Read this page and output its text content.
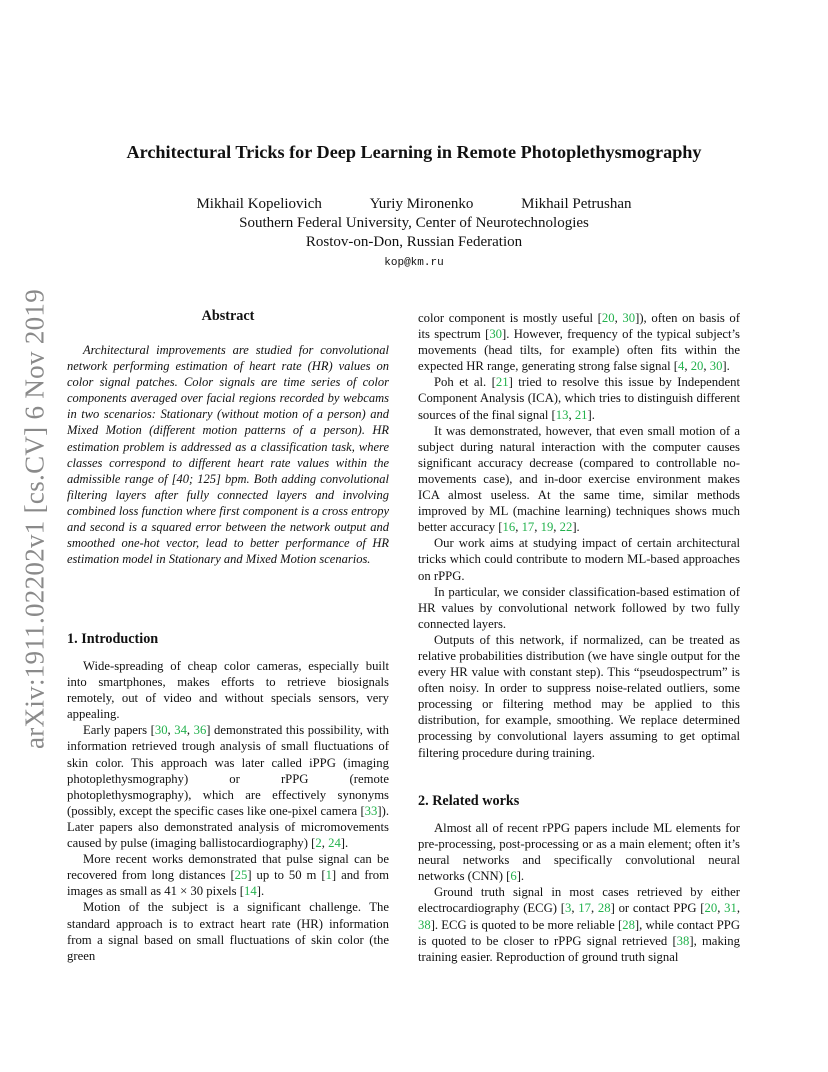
arXiv:1911.02202v1 [cs.CV] 6 Nov 2019
Architectural Tricks for Deep Learning in Remote Photoplethysmography
Mikhail Kopeliovich	Yuriy Mironenko	Mikhail Petrushan
Southern Federal University, Center of Neurotechnologies
Rostov-on-Don, Russian Federation
kop@km.ru
Abstract

Architectural improvements are studied for convolutional network performing estimation of heart rate (HR) values on color signal patches. Color signals are time series of color components averaged over facial regions recorded by webcams in two scenarios: Stationary (without motion of a person) and Mixed Motion (different motion patterns of a person). HR estimation problem is addressed as a classification task, where classes correspond to different heart rate values within the admissible range of [40; 125] bpm. Both adding convolutional filtering layers after fully connected layers and involving combined loss function where first component is a cross entropy and second is a squared error between the network output and smoothed one-hot vector, lead to better performance of HR estimation model in Stationary and Mixed Motion scenarios.

1. Introduction

Wide-spreading of cheap color cameras, especially built into smartphones, makes efforts to retrieve biosignals remotely, out of video and without specials sensors, very appealing.

Early papers [30, 34, 36] demonstrated this possibility, with information retrieved trough analysis of small fluctuations of skin color. This approach was later called iPPG (imaging photoplethysmography) or rPPG (remote photoplethysmography), which are effectively synonyms (possibly, except the specific cases like one-pixel camera [33]). Later papers also demonstrated analysis of micromovements caused by pulse (imaging ballistocardiography) [2, 24].

More recent works demonstrated that pulse signal can be recovered from long distances [25] up to 50 m [1] and from images as small as 41 × 30 pixels [14].

Motion of the subject is a significant challenge. The standard approach is to extract heart rate (HR) information from a signal based on small fluctuations of skin color (the green

color component is mostly useful [20, 30]), often on basis of its spectrum [30]. However, frequency of the typical subject’s movements (head tilts, for example) often fits within the expected HR range, generating strong false signal [4, 20, 30].

Poh et al. [21] tried to resolve this issue by Independent Component Analysis (ICA), which tries to distinguish different sources of the final signal [13, 21].

It was demonstrated, however, that even small motion of a subject during natural interaction with the computer causes significant accuracy decrease (compared to controllable no-movements case), and in-door exercise environment makes ICA almost useless. At the same time, similar methods improved by ML (machine learning) techniques shows much better accuracy [16, 17, 19, 22].

Our work aims at studying impact of certain architectural tricks which could contribute to modern ML-based approaches on rPPG.

In particular, we consider classification-based estimation of HR values by convolutional network followed by two fully connected layers.

Outputs of this network, if normalized, can be treated as relative probabilities distribution (we have single output for the every HR value with constant step). This “pseudospectrum” is often noisy. In order to suppress noise-related outliers, some processing or filtering method may be applied to this distribution, for example, smoothing. We replace determined processing by convolutional layers assuming to get optimal filtering procedure during training.

2. Related works

Almost all of recent rPPG papers include ML elements for pre-processing, post-processing or as a main element; often it’s neural networks and specifically convolutional neural networks (CNN) [6].

Ground truth signal in most cases retrieved by either electrocardiography (ECG) [3, 17, 28] or contact PPG [20, 31, 38]. ECG is quoted to be more reliable [28], while contact PPG is quoted to be closer to rPPG signal retrieved [38], making training easier. Reproduction of ground truth signal
